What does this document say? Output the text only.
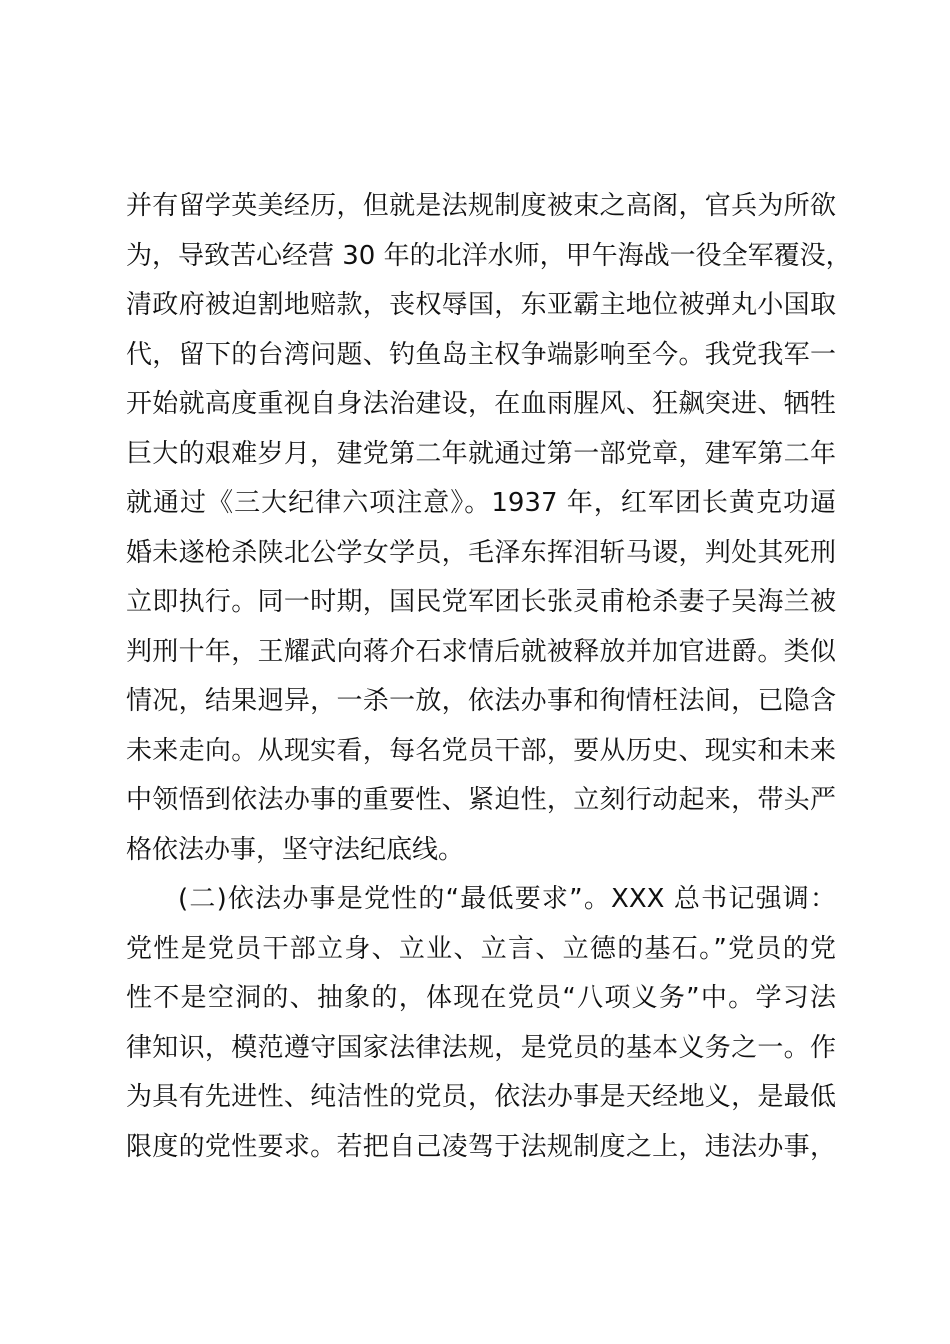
并有留学英美经历，但就是法规制度被束之高阁，官兵为所欲
为，导致苦心经营 30 年的北洋水师，甲午海战一役全军覆没，
清政府被迫割地赔款，丧权辱国，东亚霸主地位被弹丸小国取
代，留下的台湾问题、钓鱼岛主权争端影响至今。我党我军一
开始就高度重视自身法治建设，在血雨腥风、狂飙突进、牺牲
巨大的艰难岁月，建党第二年就通过第一部党章，建军第二年
就通过《三大纪律六项注意》。1937 年，红军团长黄克功逼
婚未遂枪杀陕北公学女学员，毛泽东挥泪斩马谡，判处其死刑
立即执行。同一时期，国民党军团长张灵甫枪杀妻子吴海兰被
判刑十年，王耀武向蒋介石求情后就被释放并加官进爵。类似
情况，结果迥异，一杀一放，依法办事和徇情枉法间，已隐含
未来走向。从现实看，每名党员干部，要从历史、现实和未来
中领悟到依法办事的重要性、紧迫性，立刻行动起来，带头严
格依法办事，坚守法纪底线。
(二)依法办事是党性的“最低要求”。XXX 总书记强调：
党性是党员干部立身、立业、立言、立德的基石。”党员的党
性不是空洞的、抽象的，体现在党员“八项义务”中。学习法
律知识，模范遵守国家法律法规，是党员的基本义务之一。作
为具有先进性、纯洁性的党员，依法办事是天经地义，是最低
限度的党性要求。若把自己凌驾于法规制度之上，违法办事，
